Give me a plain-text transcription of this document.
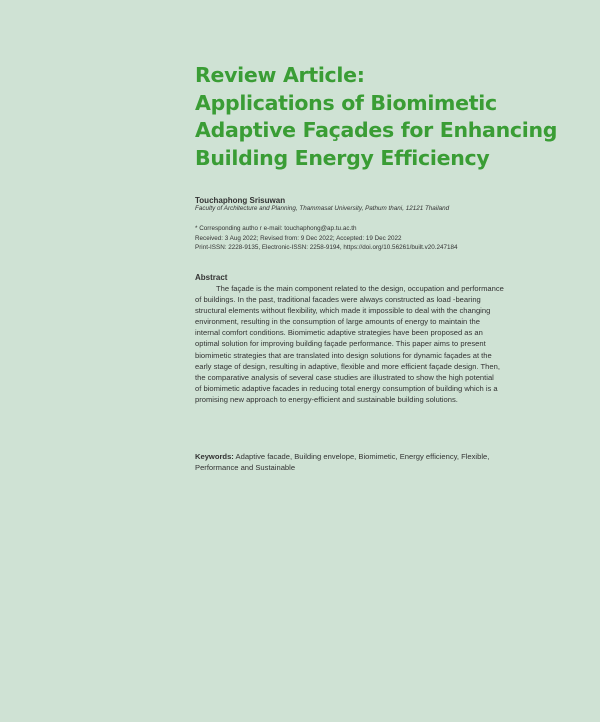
Review Article:
Applications of Biomimetic
Adaptive Façades for Enhancing
Building Energy Efficiency
Touchaphong Srisuwan
Faculty of Architecture and Planning, Thammasat University, Pathum thani, 12121 Thailand
* Corresponding autho r e-mail: touchaphong@ap.tu.ac.th
Received: 3 Aug 2022; Revised from: 9 Dec 2022; Accepted: 19 Dec 2022
Print-ISSN: 2228-9135, Electronic-ISSN: 2258-9194, https://doi.org/10.56261/built.v20.247184
Abstract
The façade is the main component related to the design, occupation and performance
of buildings. In the past, traditional facades were always constructed as load -bearing
structural elements without flexibility, which made it impossible to deal with the changing
environment, resulting in the consumption of large amounts of energy to maintain the
internal comfort conditions. Biomimetic adaptive strategies have been proposed as an
optimal solution for improving building façade performance. This paper aims to present
biomimetic strategies that are translated into design solutions for dynamic façades at the
early stage of design, resulting in adaptive, flexible and more efficient façade design. Then,
the comparative analysis of several case studies are illustrated to show the high potential
of biomimetic adaptive facades in reducing total energy consumption of building which is a
promising new approach to energy-efficient and sustainable building solutions.
Keywords: Adaptive facade, Building envelope, Biomimetic, Energy efficiency, Flexible,
Performance and Sustainable
